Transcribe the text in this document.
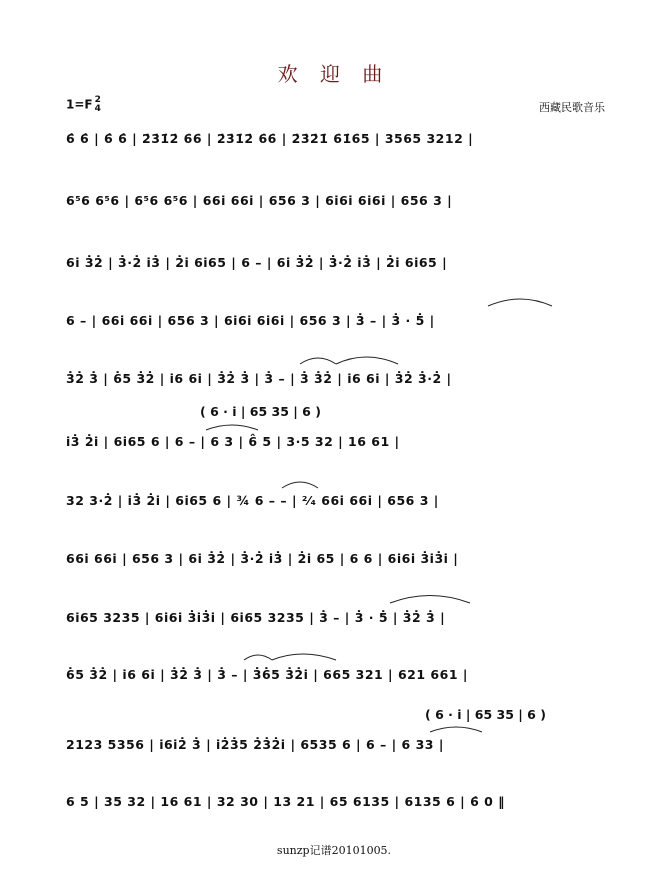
欢 迎 曲
1=F 2
4	西藏民歌音乐
6̂ 6̂ | 6̂ 6̂ | 2̇3̇1̇2̇ 6̇6̇ | 2̇3̇1̇2̇ 6̇6̇ | 2̇3̇2̇1̇ 6̇1̇6̇5 | 3565 3212 |
6⁵6 6⁵6 | 6⁵6 6⁵6 | 66i 66i | 656 3 | 6i6i 6i6i | 656 3 |
6i 3̇2̇ | 3̇·2̇ i3̇ | 2̇i 6i65 | 6 – | 6i 3̇2̇ | 3̇·2̇ i3̇ | 2̇i 6i65 |
6 – | 66i 66i | 656 3 | 6i6i 6i6i | 656 3 | 3̇ – | 3̇ · 5̇ |
3̇2̇ 3̇ | 6̇5 3̇2̇ | i6 6i | 3̇2̇ 3̇ | 3̇ – | 3̇ 3̇2̇ | i6 6i | 3̇2̇ 3̇·2̇ |
( 6 · i | 65 35 | 6 )
i3̇ 2̇i | 6i65 6 | 6 – | 6 3 | 6̂ 5 | 3·5 32 | 16 61 |
32 3·2̇ | i3̇ 2̇i | 6i65 6 | ¾ 6 – – | ²⁄₄ 66i 66i | 656 3 |
66i 66i | 656 3 | 6i 3̇2̇ | 3̇·2̇ i3̇ | 2̇i 65 | 6 6 | 6i6i 3̇i3̇i |
6i65 3235 | 6i6i 3̇i3̇i | 6i65 3235 | 3̇ – | 3̇ · 5̇ | 3̇2̇ 3̇ |
6̇5 3̇2̇ | i6 6i | 3̇2̇ 3̇ | 3̇ – | 3̇6̇5 3̇2̇i | 665 321 | 621 661 |
( 6 · i | 65 35 | 6 )
2123 5356 | i6i2̇ 3̇ | i2̇3̇5 2̇3̇2̇i | 6535 6 | 6 – | 6 33 |
6 5 | 35 32 | 16 61 | 32 30 | 13 21 | 65 6135 | 6135 6 | 6̂ 0 ‖
sunzp记谱20101005.
